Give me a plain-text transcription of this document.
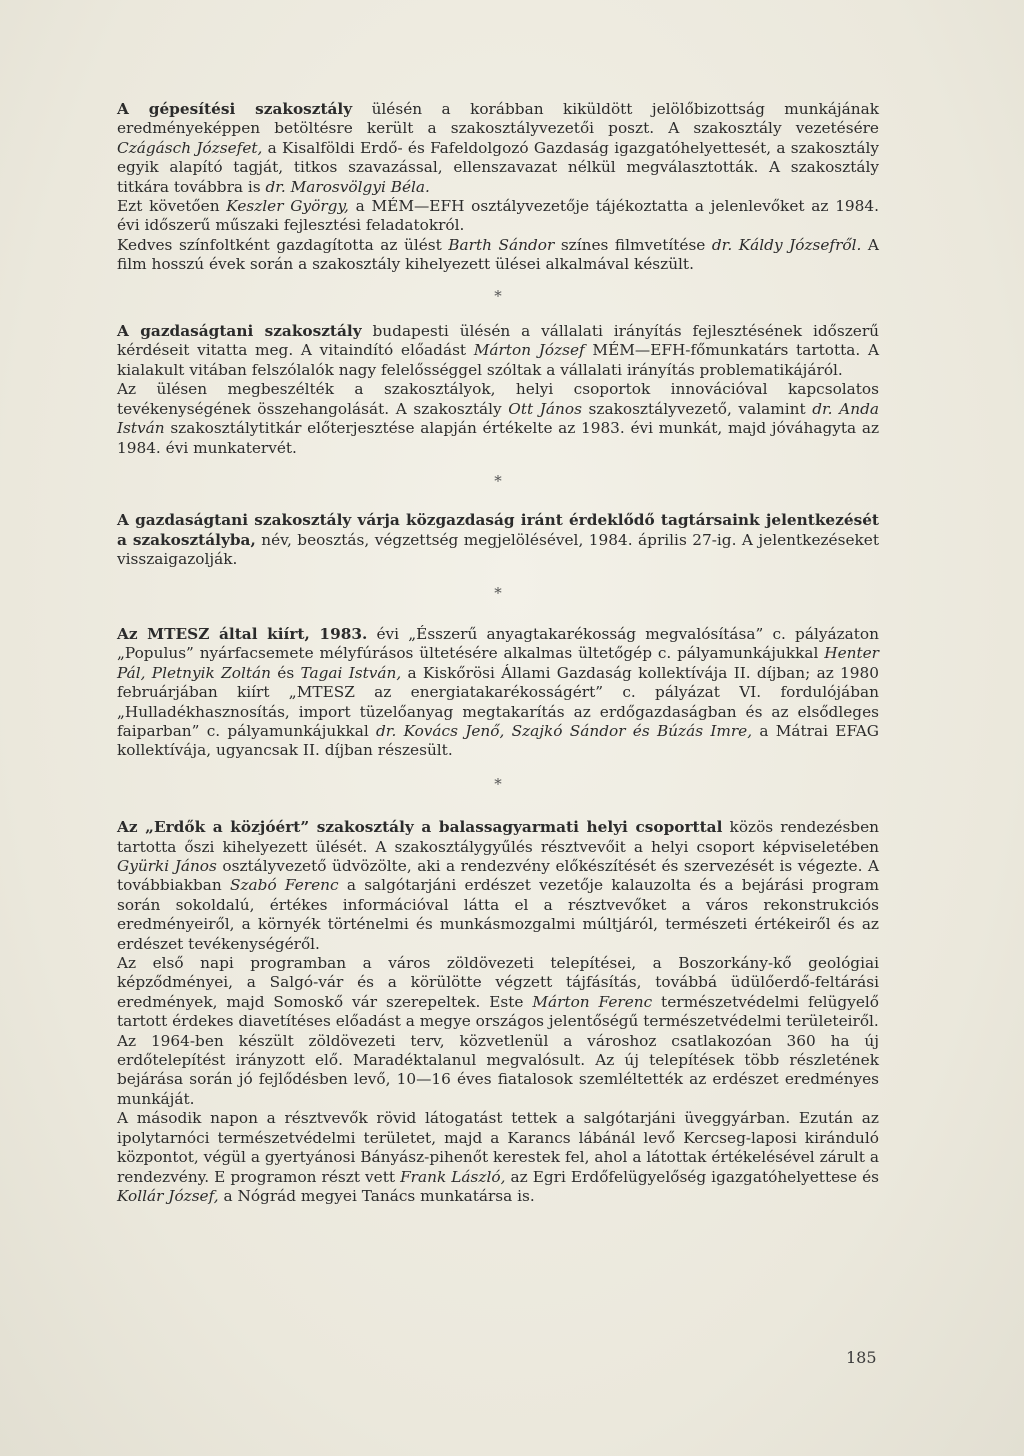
A gépesítési szakosztály ülésén a korábban kiküldött jelölőbizottság munkájának eredményeképpen betöltésre került a szakosztályvezetői poszt. A szakosztály vezetésére Czágásch Józsefet, a Kisalföldi Erdő- és Fafeldolgozó Gazdaság igazgatóhelyettesét, a szakosztály egyik alapító tagját, titkos szavazással, ellenszavazat nélkül megválasztották. A szakosztály titkára továbbra is dr. Marosvölgyi Béla.

Ezt követően Keszler György, a MÉM—EFH osztályvezetője tájékoztatta a jelenlevőket az 1984. évi időszerű műszaki fejlesztési feladatokról.

Kedves színfoltként gazdagította az ülést Barth Sándor színes filmvetítése dr. Káldy Józsefről. A film hosszú évek során a szakosztály kihelyezett ülései alkalmával készült.

*

A gazdaságtani szakosztály budapesti ülésén a vállalati irányítás fejlesztésének időszerű kérdéseit vitatta meg. A vitaindító előadást Márton József MÉM—EFH-főmunkatárs tartotta. A kialakult vitában felszólalók nagy felelősséggel szóltak a vállalati irányítás problematikájáról.

Az ülésen megbeszélték a szakosztályok, helyi csoportok innovációval kapcsolatos tevékenységének összehangolását. A szakosztály Ott János szakosztályvezető, valamint dr. Anda István szakosztálytitkár előterjesztése alapján értékelte az 1983. évi munkát, majd jóváhagyta az 1984. évi munkatervét.

*

A gazdaságtani szakosztály várja közgazdaság iránt érdeklődő tagtársaink jelentkezését a szakosztályba, név, beosztás, végzettség megjelölésével, 1984. április 27-ig. A jelentkezéseket visszaigazolják.

*

Az MTESZ által kiírt, 1983. évi „Ésszerű anyagtakarékosság megvalósítása” c. pályázaton „Populus” nyárfacsemete mélyfúrásos ültetésére alkalmas ültetőgép c. pályamunkájukkal Henter Pál, Pletnyik Zoltán és Tagai István, a Kiskőrösi Állami Gazdaság kollektívája II. díjban; az 1980 februárjában kiírt „MTESZ az energiatakarékosságért” c. pályázat VI. fordulójában „Hulladékhasznosítás, import tüzelőanyag megtakarítás az erdőgazdaságban és az elsődleges faiparban” c. pályamunkájukkal dr. Kovács Jenő, Szajkó Sándor és Búzás Imre, a Mátrai EFAG kollektívája, ugyancsak II. díjban részesült.

*

Az „Erdők a közjóért” szakosztály a balassagyarmati helyi csoporttal közös rendezésben tartotta őszi kihelyezett ülését. A szakosztálygyűlés résztvevőit a helyi csoport képviseletében Gyürki János osztályvezető üdvözölte, aki a rendezvény előkészítését és szervezését is végezte. A továbbiakban Szabó Ferenc a salgótarjáni erdészet vezetője kalauzolta és a bejárási program során sokoldalú, értékes információval látta el a résztvevőket a város rekonstrukciós eredményeiről, a környék történelmi és munkásmozgalmi múltjáról, természeti értékeiről és az erdészet tevékenységéről.

Az első napi programban a város zöldövezeti telepítései, a Boszorkány-kő geológiai képződményei, a Salgó-vár és a körülötte végzett tájfásítás, továbbá üdülőerdő-feltárási eredmények, majd Somoskő vár szerepeltek. Este Márton Ferenc természetvédelmi felügyelő tartott érdekes diavetítéses előadást a megye országos jelentőségű természetvédelmi területeiről.

Az 1964-ben készült zöldövezeti terv, közvetlenül a városhoz csatlakozóan 360 ha új erdőtelepítést irányzott elő. Maradéktalanul megvalósult. Az új telepítések több részletének bejárása során jó fejlődésben levő, 10—16 éves fiatalosok szemléltették az erdészet eredményes munkáját.

A második napon a résztvevők rövid látogatást tettek a salgótarjáni üveggyárban. Ezután az ipolytarnóci természetvédelmi területet, majd a Karancs lábánál levő Kercseg-laposi kiránduló központot, végül a gyertyánosi Bányász-pihenőt kerestek fel, ahol a látottak értékelésével zárult a rendezvény. E programon részt vett Frank László, az Egri Erdőfelügyelőség igazgatóhelyettese és Kollár József, a Nógrád megyei Tanács munkatársa is.

185
